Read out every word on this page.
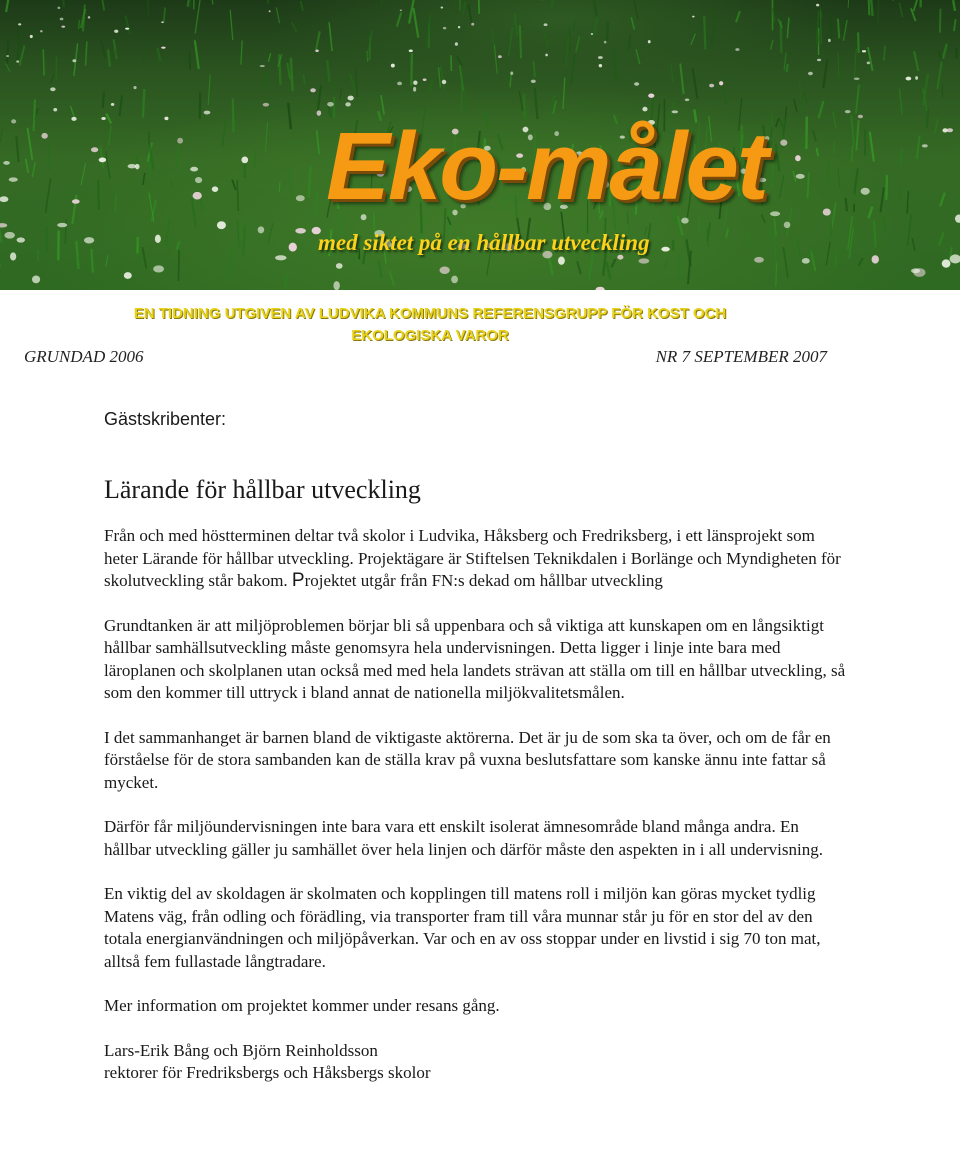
Eko-målet
med siktet på en hållbar utveckling
EN TIDNING UTGIVEN AV LUDVIKA KOMMUNS REFERENSGRUPP FÖR KOST OCH
EKOLOGISKA VAROR
GRUNDAD 2006	NR 7 SEPTEMBER 2007
Gästskribenter:
Lärande för hållbar utveckling

Från och med höstterminen deltar två skolor i Ludvika, Håksberg och Fredriksberg, i ett länsprojekt som heter Lärande för hållbar utveckling. Projektägare är Stiftelsen Teknikdalen i Borlänge och Myndigheten för skolutveckling står bakom. Projektet utgår från FN:s dekad om hållbar utveckling

Grundtanken är att miljöproblemen börjar bli så uppenbara och så viktiga att kunskapen om en långsiktigt hållbar samhällsutveckling måste genomsyra hela undervisningen. Detta ligger i linje inte bara med läroplanen och skolplanen utan också med med hela landets strävan att ställa om till en hållbar utveckling, så som den kommer till uttryck i bland annat de nationella miljökvalitetsmålen.

I det sammanhanget är barnen bland de viktigaste aktörerna. Det är ju de som ska ta över, och om de får en förståelse för de stora sambanden kan de ställa krav på vuxna beslutsfattare som kanske ännu inte fattar så mycket.

Därför får miljöundervisningen inte bara vara ett enskilt isolerat ämnesområde bland många andra. En hållbar utveckling gäller ju samhället över hela linjen och därför måste den aspekten in i all undervisning.

En viktig del av skoldagen är skolmaten och kopplingen till matens roll i miljön kan göras mycket tydlig Matens väg, från odling och förädling, via transporter fram till våra munnar står ju för en stor del av den totala energianvändningen och miljöpåverkan. Var och en av oss stoppar under en livstid i sig 70 ton mat, alltså fem fullastade långtradare.

Mer information om projektet kommer under resans gång.

Lars-Erik Bång och Björn Reinholdsson

rektorer för Fredriksbergs och Håksbergs skolor
